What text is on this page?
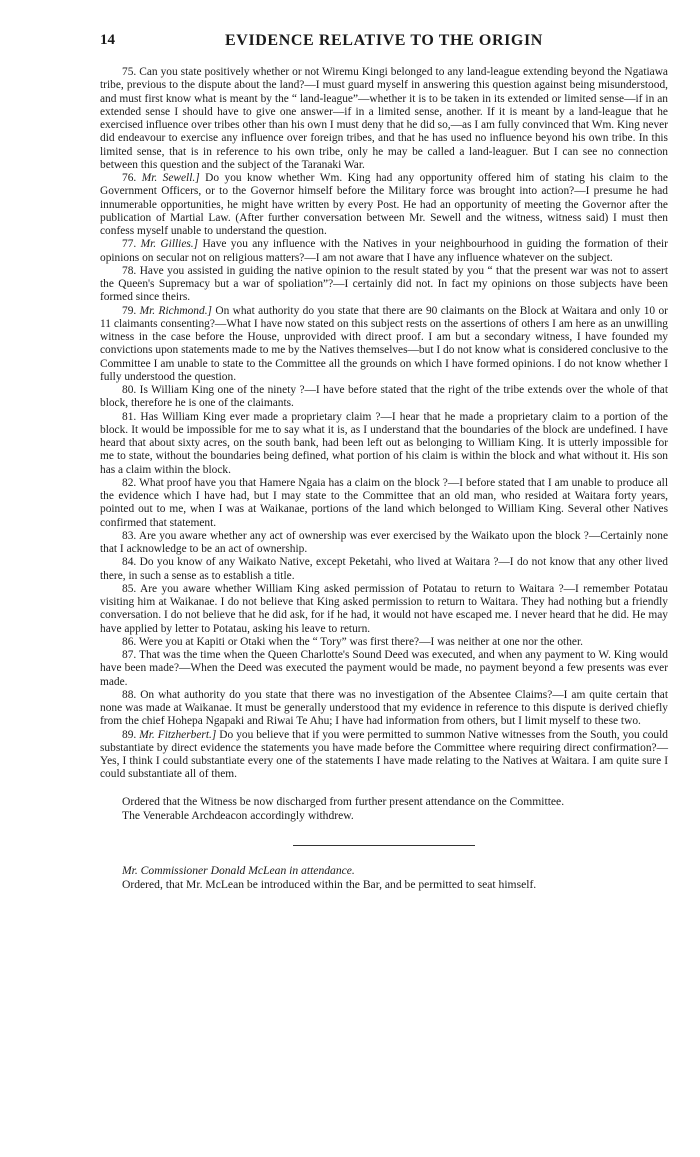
14	EVIDENCE RELATIVE TO THE ORIGIN

75. Can you state positively whether or not Wiremu Kingi belonged to any land-league extending beyond the Ngatiawa tribe, previous to the dispute about the land?—I must guard myself in answering this question against being misunderstood, and must first know what is meant by the “ land-league”—whether it is to be taken in its extended or limited sense—if in an extended sense I should have to give one answer—if in a limited sense, another. If it is meant by a land-league that he exercised influence over tribes other than his own I must deny that he did so,—as I am fully convinced that Wm. King never did endeavour to exercise any influence over foreign tribes, and that he has used no influence beyond his own tribe. In this limited sense, that is in reference to his own tribe, only he may be called a land-leaguer. But I can see no connection between this question and the subject of the Taranaki War.

76. Mr. Sewell.] Do you know whether Wm. King had any opportunity offered him of stating his claim to the Government Officers, or to the Governor himself before the Military force was brought into action?—I presume he had innumerable opportunities, he might have written by every Post. He had an opportunity of meeting the Governor after the publication of Martial Law. (After further conversation between Mr. Sewell and the witness, witness said) I must then confess myself unable to understand the question.

77. Mr. Gillies.] Have you any influence with the Natives in your neighbourhood in guiding the formation of their opinions on secular not on religious matters?—I am not aware that I have any influence whatever on the subject.

78. Have you assisted in guiding the native opinion to the result stated by you “ that the present war was not to assert the Queen's Supremacy but a war of spoliation”?—I certainly did not. In fact my opinions on those subjects have been formed since theirs.

79. Mr. Richmond.] On what authority do you state that there are 90 claimants on the Block at Waitara and only 10 or 11 claimants consenting?—What I have now stated on this subject rests on the assertions of others I am here as an unwilling witness in the case before the House, unprovided with direct proof. I am but a secondary witness, I have founded my convictions upon statements made to me by the Natives themselves—but I do not know what is considered conclusive to the Committee I am unable to state to the Committee all the grounds on which I have formed opinions. I do not know whether I fully understood the question.

80. Is William King one of the ninety ?—I have before stated that the right of the tribe extends over the whole of that block, therefore he is one of the claimants.

81. Has William King ever made a proprietary claim ?—I hear that he made a proprietary claim to a portion of the block. It would be impossible for me to say what it is, as I understand that the boundaries of the block are undefined. I have heard that about sixty acres, on the south bank, had been left out as belonging to William King. It is utterly impossible for me to state, without the boundaries being defined, what portion of his claim is within the block and what without it. His son has a claim within the block.

82. What proof have you that Hamere Ngaia has a claim on the block ?—I before stated that I am unable to produce all the evidence which I have had, but I may state to the Committee that an old man, who resided at Waitara forty years, pointed out to me, when I was at Waikanae, portions of the land which belonged to William King. Several other Natives confirmed that statement.

83. Are you aware whether any act of ownership was ever exercised by the Waikato upon the block ?—Certainly none that I acknowledge to be an act of ownership.

84. Do you know of any Waikato Native, except Peketahi, who lived at Waitara ?—I do not know that any other lived there, in such a sense as to establish a title.

85. Are you aware whether William King asked permission of Potatau to return to Waitara ?—I remember Potatau visiting him at Waikanae. I do not believe that King asked permission to return to Waitara. They had nothing but a friendly conversation. I do not believe that he did ask, for if he had, it would not have escaped me. I never heard that he did. He may have applied by letter to Potatau, asking his leave to return.

86. Were you at Kapiti or Otaki when the “ Tory” was first there?—I was neither at one nor the other.

87. That was the time when the Queen Charlotte's Sound Deed was executed, and when any payment to W. King would have been made?—When the Deed was executed the payment would be made, no payment beyond a few presents was ever made.

88. On what authority do you state that there was no investigation of the Absentee Claims?—I am quite certain that none was made at Waikanae. It must be generally understood that my evidence in reference to this dispute is derived chiefly from the chief Hohepa Ngapaki and Riwai Te Ahu; I have had information from others, but I limit myself to these two.

89. Mr. Fitzherbert.] Do you believe that if you were permitted to summon Native witnesses from the South, you could substantiate by direct evidence the statements you have made before the Committee where requiring direct confirmation?—Yes, I think I could substantiate every one of the statements I have made relating to the Natives at Waitara. I am quite sure I could substantiate all of them.

Ordered that the Witness be now discharged from further present attendance on the Committee.

The Venerable Archdeacon accordingly withdrew.

Mr. Commissioner Donald McLean in attendance.

Ordered, that Mr. McLean be introduced within the Bar, and be permitted to seat himself.
